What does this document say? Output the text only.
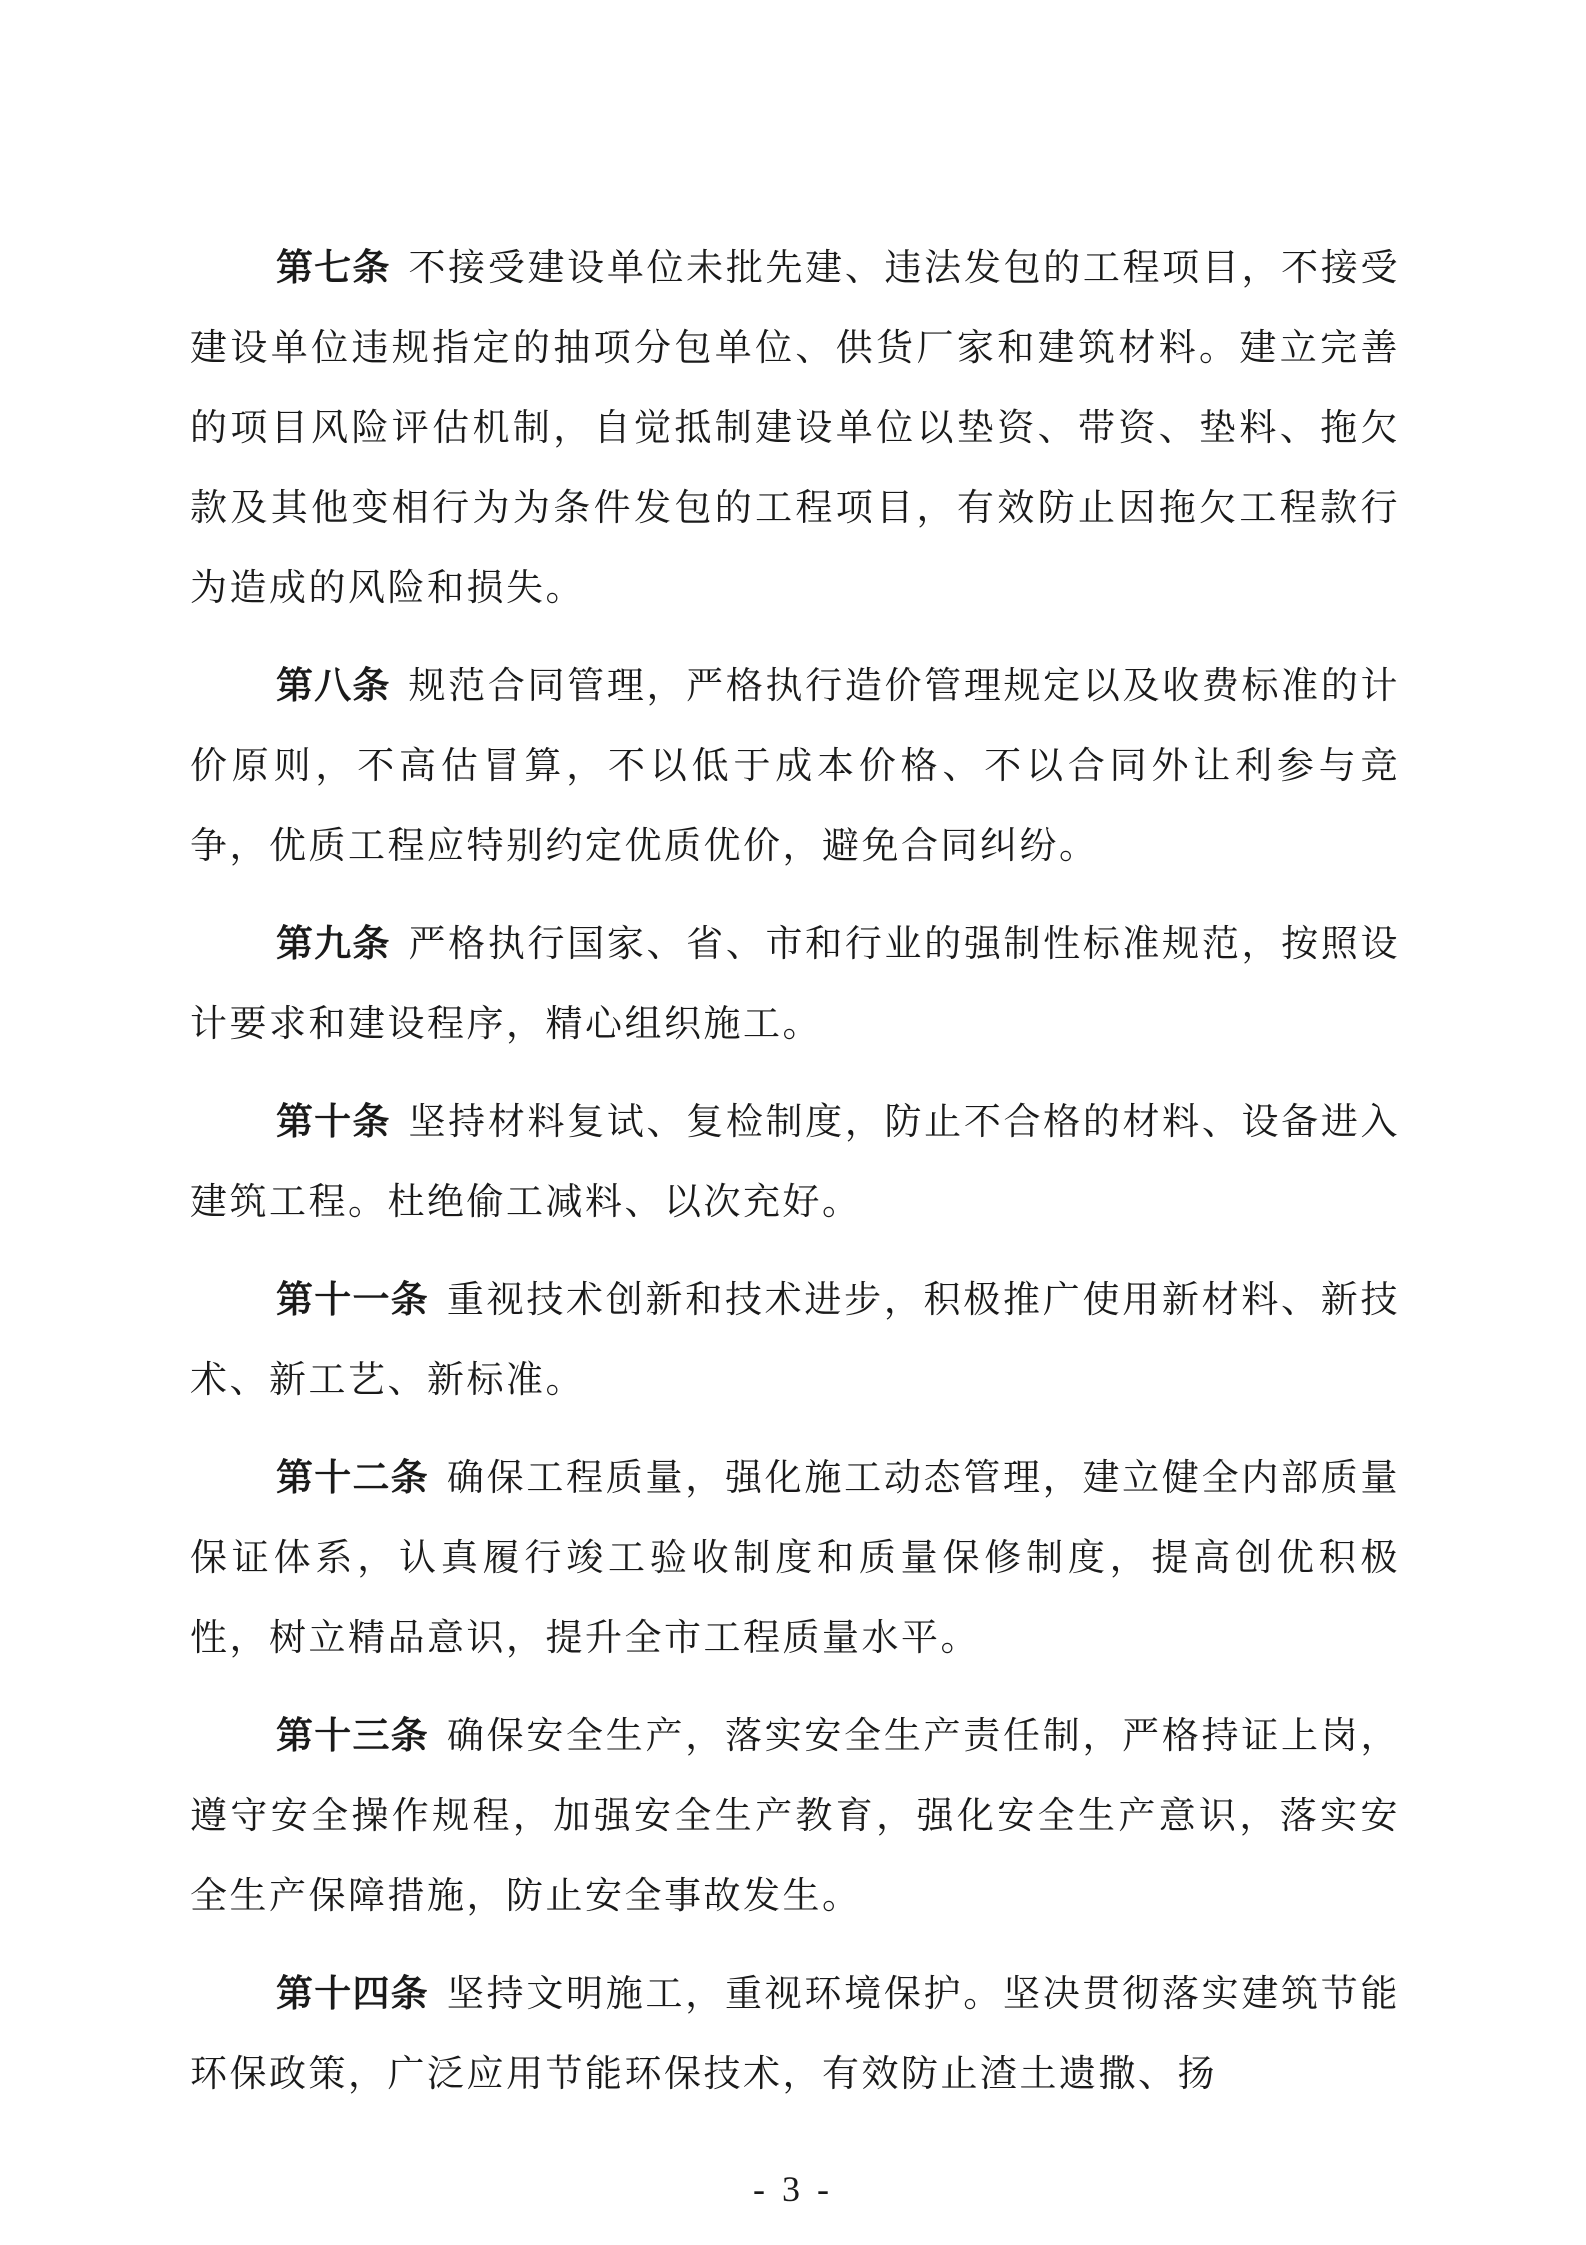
第七条 不接受建设单位未批先建、违法发包的工程项目，不接受建设单位违规指定的抽项分包单位、供货厂家和建筑材料。建立完善的项目风险评估机制，自觉抵制建设单位以垫资、带资、垫料、拖欠款及其他变相行为为条件发包的工程项目，有效防止因拖欠工程款行为造成的风险和损失。

第八条 规范合同管理，严格执行造价管理规定以及收费标准的计价原则，不高估冒算，不以低于成本价格、不以合同外让利参与竞争，优质工程应特别约定优质优价，避免合同纠纷。

第九条 严格执行国家、省、市和行业的强制性标准规范，按照设计要求和建设程序，精心组织施工。

第十条 坚持材料复试、复检制度，防止不合格的材料、设备进入建筑工程。杜绝偷工减料、以次充好。

第十一条 重视技术创新和技术进步，积极推广使用新材料、新技术、新工艺、新标准。

第十二条 确保工程质量，强化施工动态管理，建立健全内部质量保证体系，认真履行竣工验收制度和质量保修制度，提高创优积极性，树立精品意识，提升全市工程质量水平。

第十三条 确保安全生产，落实安全生产责任制，严格持证上岗，遵守安全操作规程，加强安全生产教育，强化安全生产意识，落实安全生产保障措施，防止安全事故发生。

第十四条 坚持文明施工，重视环境保护。坚决贯彻落实建筑节能环保政策，广泛应用节能环保技术，有效防止渣土遗撒、扬

- 3 -
